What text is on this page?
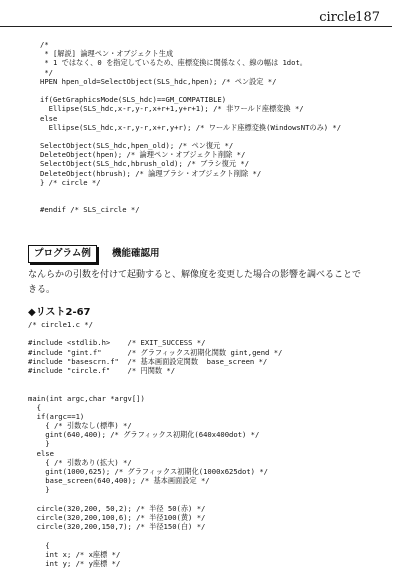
circle 187
/*
* [解説] 論理ペン・オブジェクト生成
* 1 ではなく、0 を指定しているため、座標変換に関係なく、線の幅は 1dot。
*/
HPEN hpen_old=SelectObject(SLS_hdc,hpen); /* ペン設定 */
if(GetGraphicsMode(SLS_hdc)==GM_COMPATIBLE)
Ellipse(SLS_hdc,x-r,y-r,x+r+1,y+r+1); /* 非ワールド座標変換 */
else
Ellipse(SLS_hdc,x-r,y-r,x+r,y+r); /* ワールド座標変換(WindowsNTのみ) */
SelectObject(SLS_hdc,hpen_old); /* ペン復元 */
DeleteObject(hpen); /* 論理ペン・オブジェクト削除 */
SelectObject(SLS_hdc,hbrush_old); /* ブラシ復元 */
DeleteObject(hbrush); /* 論理ブラシ・オブジェクト削除 */
} /* circle */
#endif /* SLS_circle */
プログラム例	機能確認用
なんらかの引数を付けて起動すると、解像度を変更した場合の影響を調べることで
きる。
◆リスト2-67
/* circle1.c */
#include <stdlib.h>    /* EXIT_SUCCESS */
#include "gint.f"      /* グラフィックス初期化関数 gint,gend */
#include "basescrn.f"  /* 基本画面設定関数  base_screen */
#include "circle.f"    /* 円関数 */
main(int argc,char *argv[])
{
if(argc==1)
{ /* 引数なし(標準) */
gint(640,400); /* グラフィックス初期化(640x400dot) */
}
else
{ /* 引数あり(拡大) */
gint(1000,625); /* グラフィックス初期化(1000x625dot) */
base_screen(640,400); /* 基本画面設定 */
}
circle(320,200, 50,2); /* 半径 50(赤) */
circle(320,200,100,6); /* 半径100(黄) */
circle(320,200,150,7); /* 半径150(白) */
{
int x; /* x座標 */
int y; /* y座標 */
